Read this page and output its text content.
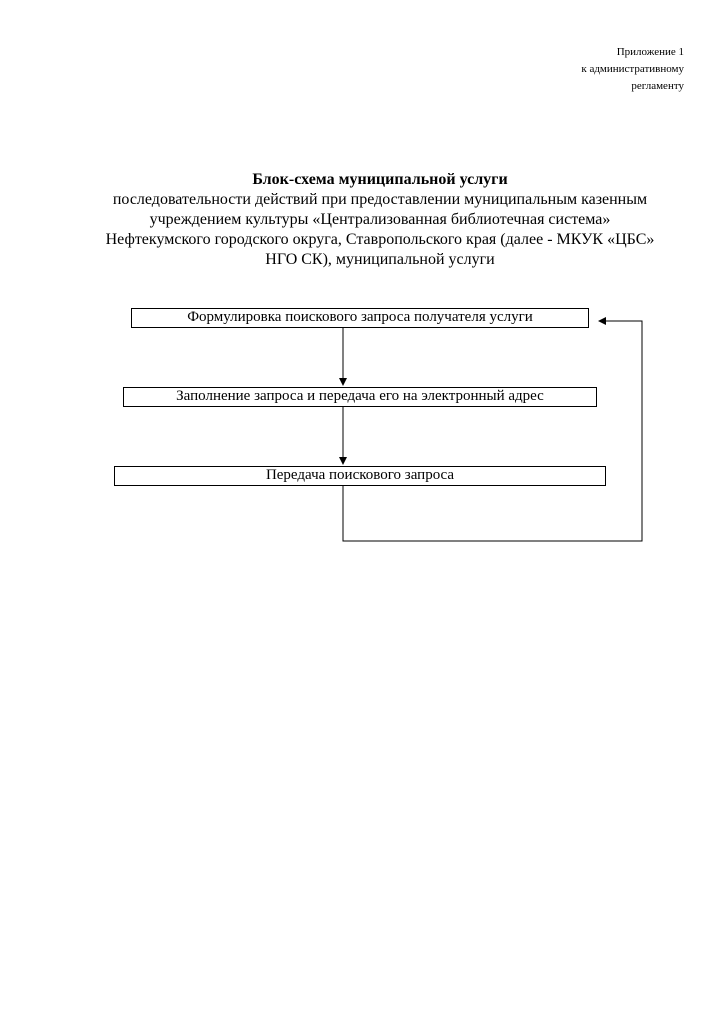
Приложение 1
к административному
регламенту
Блок-схема муниципальной услуги
последовательности действий при предоставлении муниципальным казенным
учреждением культуры «Централизованная библиотечная система»
Нефтекумского городского округа, Ставропольского края (далее - МКУК «ЦБС»
НГО СК), муниципальной услуги
Формулировка поискового запроса получателя услуги
Заполнение запроса и передача его на электронный адрес
Передача поискового запроса
